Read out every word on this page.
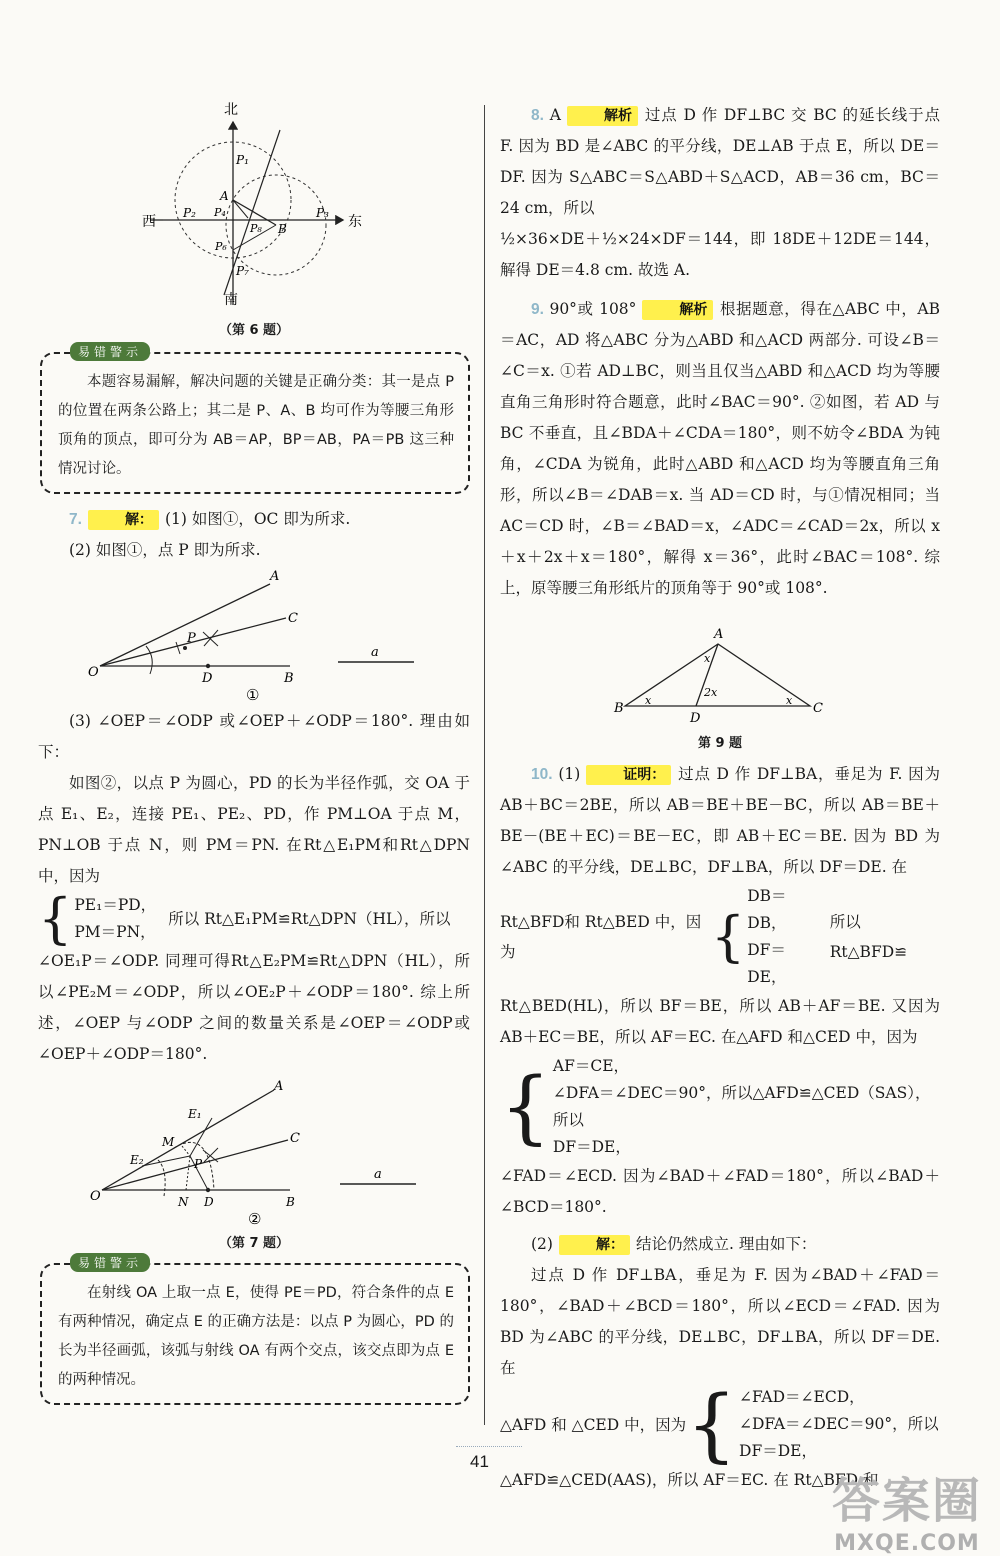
北
南
西	东
P₁
A
P₂ P₄
P₈ B
P₃
P₆
P₇
（第 6 题）
易错警示

本题容易漏解，解决问题的关键是正确分类：其一是点 P 的位置在两条公路上；其二是 P、A、B 均可作为等腰三角形顶角的顶点，即可分为 AB＝AP，BP＝AB，PA＝PB 这三种情况讨论。

7.	解： (1) 如图①，OC 即为所求.

(2) 如图①，点 P 即为所求.

O
A
C
P
D	B
a
①

(3) ∠OEP＝∠ODP 或∠OEP＋∠ODP＝180°. 理由如下：

如图②，以点 P 为圆心，PD 的长为半径作弧，交 OA 于点 E₁、E₂，连接 PE₁、PE₂、PD，作 PM⊥OA 于点 M，PN⊥OB 于点 N，则 PM＝PN. 在Rt△E₁PM和Rt△DPN 中，因为

{ PE₁＝PD，
PM＝PN，
所以 Rt△E₁PM≌Rt△DPN（HL），所以

∠OE₁P＝∠ODP. 同理可得Rt△E₂PM≌Rt△DPN（HL），所以∠PE₂M＝∠ODP，所以∠OE₂P＋∠ODP＝180°. 综上所述，∠OEP 与∠ODP 之间的数量关系是∠OEP＝∠ODP或∠OEP＋∠ODP＝180°.

O
A
C
E₁
E₂
M
P
N D	B
a
②
（第 7 题）
易错警示

在射线 OA 上取一点 E，使得 PE＝PD，符合条件的点 E 有两种情况，确定点 E 的正确方法是：以点 P 为圆心，PD 的长为半径画弧，该弧与射线 OA 有两个交点，该交点即为点 E 的两种情况。

8. A	解析 过点 D 作 DF⊥BC 交 BC 的延长线于点 F. 因为 BD 是∠ABC 的平分线，DE⊥AB 于点 E，所以 DE＝DF. 因为 S△ABC＝S△ABD＋S△ACD，AB＝36 cm，BC＝24 cm，所以

½×36×DE＋½×24×DF＝144，即 18DE＋12DE＝144，解得 DE＝4.8 cm. 故选 A.

9. 90°或 108°	解析 根据题意，得在△ABC 中，AB＝AC，AD 将△ABC 分为△ABD 和△ACD 两部分. 可设∠B＝∠C＝x. ①若 AD⊥BC，则当且仅当△ABD 和△ACD 均为等腰直角三角形时符合题意，此时∠BAC＝90°. ②如图，若 AD 与 BC 不垂直，且∠BDA＋∠CDA＝180°，则不妨令∠BDA 为钝角，∠CDA 为锐角，此时△ABD 和△ACD 均为等腰直角三角形，所以∠B＝∠DAB＝x. 当 AD＝CD 时，与①情况相同；当 AC＝CD 时，∠B＝∠BAD＝x，∠ADC＝∠CAD＝2x，所以 x＋x＋2x＋x＝180°，解得 x＝36°，此时∠BAC＝108°. 综上，原等腰三角形纸片的顶角等于 90°或 108°.

A
B	C
D
x
x
x
2x
第 9 题

10. (1)	证明： 过点 D 作 DF⊥BA，垂足为 F. 因为 AB＋BC＝2BE，所以 AB＝BE＋BE－BC，所以 AB＝BE＋BE－(BE＋EC)＝BE－EC，即 AB＋EC＝BE. 因为 BD 为∠ABC 的平分线，DE⊥BC，DF⊥BA，所以 DF＝DE. 在

Rt△BFD和 Rt△BED 中，因为	{
DB＝DB，
DF＝DE，
所以 Rt△BFD≌

Rt△BED(HL)，所以 BF＝BE，所以 AB＋AF＝BE. 又因为 AB＋EC＝BE，所以 AF＝EC. 在△AFD 和△CED 中，因为

{ AF＝CE，
∠DFA＝∠DEC＝90°，所以△AFD≌△CED（SAS），所以
DF＝DE，

∠FAD＝∠ECD. 因为∠BAD＋∠FAD＝180°，所以∠BAD＋∠BCD＝180°.

(2)	解： 结论仍然成立. 理由如下：

过点 D 作 DF⊥BA，垂足为 F. 因为∠BAD＋∠FAD＝180°，∠BAD＋∠BCD＝180°，所以∠ECD＝∠FAD. 因为 BD 为∠ABC 的平分线，DE⊥BC，DF⊥BA，所以 DF＝DE. 在

△AFD 和 △CED 中，因为 { ∠FAD＝∠ECD，
∠DFA＝∠DEC＝90°，所以
DF＝DE，

△AFD≌△CED(AAS)，所以 AF＝EC. 在 Rt△BFD 和

41
答案圈
MXQE.COM
